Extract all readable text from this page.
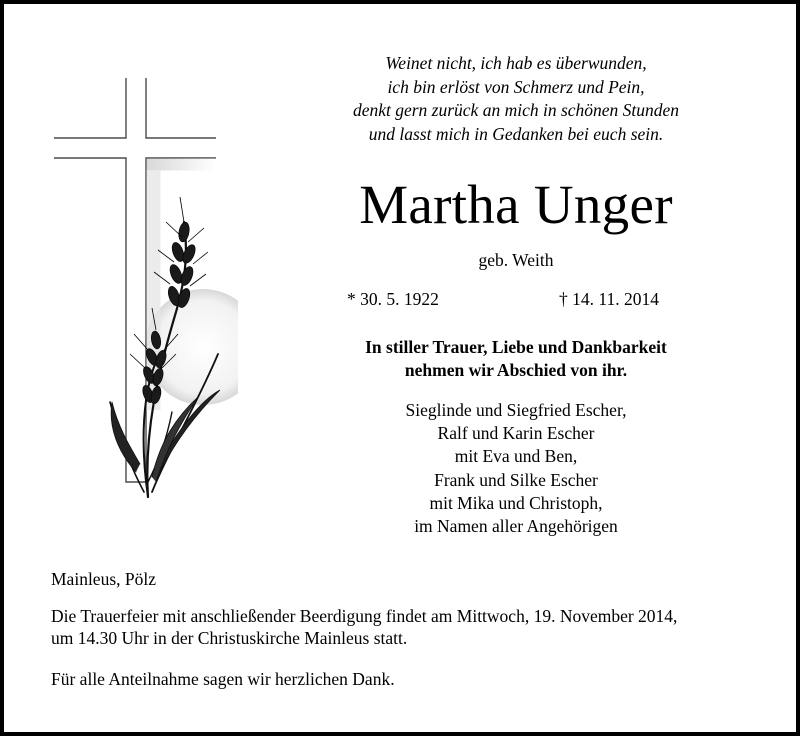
Weinet nicht, ich hab es überwunden,
ich bin erlöst von Schmerz und Pein,
denkt gern zurück an mich in schönen Stunden
und lasst mich in Gedanken bei euch sein.
Martha Unger
geb. Weith
* 30. 5. 1922	† 14. 11. 2014
In stiller Trauer, Liebe und Dankbarkeit
nehmen wir Abschied von ihr.
Sieglinde und Siegfried Escher,
Ralf und Karin Escher
mit Eva und Ben,
Frank und Silke Escher
mit Mika und Christoph,
im Namen aller Angehörigen
Mainleus, Pölz
Die Trauerfeier mit anschließender Beerdigung findet am Mittwoch, 19. November 2014,
um 14.30 Uhr in der Christuskirche Mainleus statt.
Für alle Anteilnahme sagen wir herzlichen Dank.
